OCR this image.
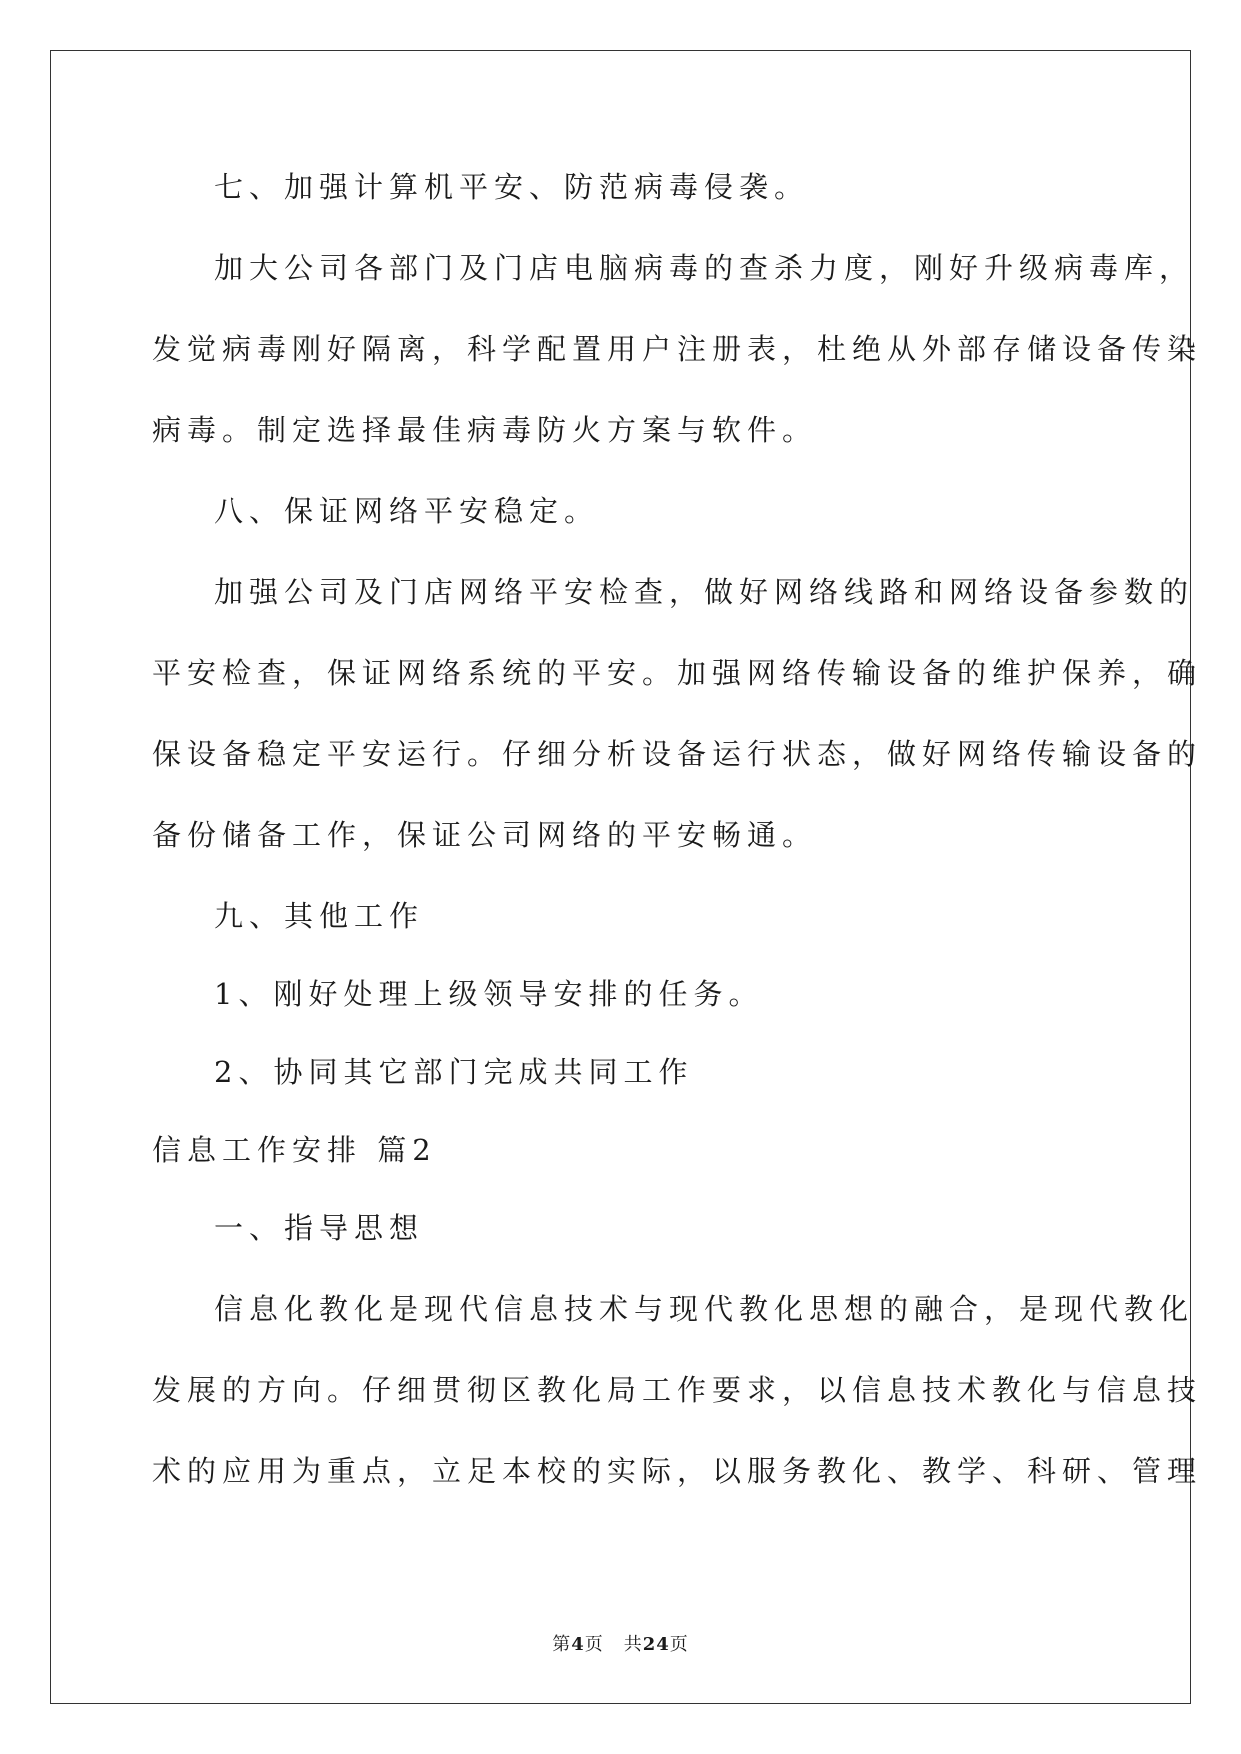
七、加强计算机平安、防范病毒侵袭。

加大公司各部门及门店电脑病毒的查杀力度，刚好升级病毒库，

发觉病毒刚好隔离，科学配置用户注册表，杜绝从外部存储设备传染

病毒。制定选择最佳病毒防火方案与软件。

八、保证网络平安稳定。

加强公司及门店网络平安检查，做好网络线路和网络设备参数的

平安检查，保证网络系统的平安。加强网络传输设备的维护保养，确

保设备稳定平安运行。仔细分析设备运行状态，做好网络传输设备的

备份储备工作，保证公司网络的平安畅通。

九、其他工作

1、刚好处理上级领导安排的任务。

2、协同其它部门完成共同工作

信息工作安排 篇2

一、指导思想

信息化教化是现代信息技术与现代教化思想的融合，是现代教化

发展的方向。仔细贯彻区教化局工作要求，以信息技术教化与信息技

术的应用为重点，立足本校的实际，以服务教化、教学、科研、管理

第4页 共24页
